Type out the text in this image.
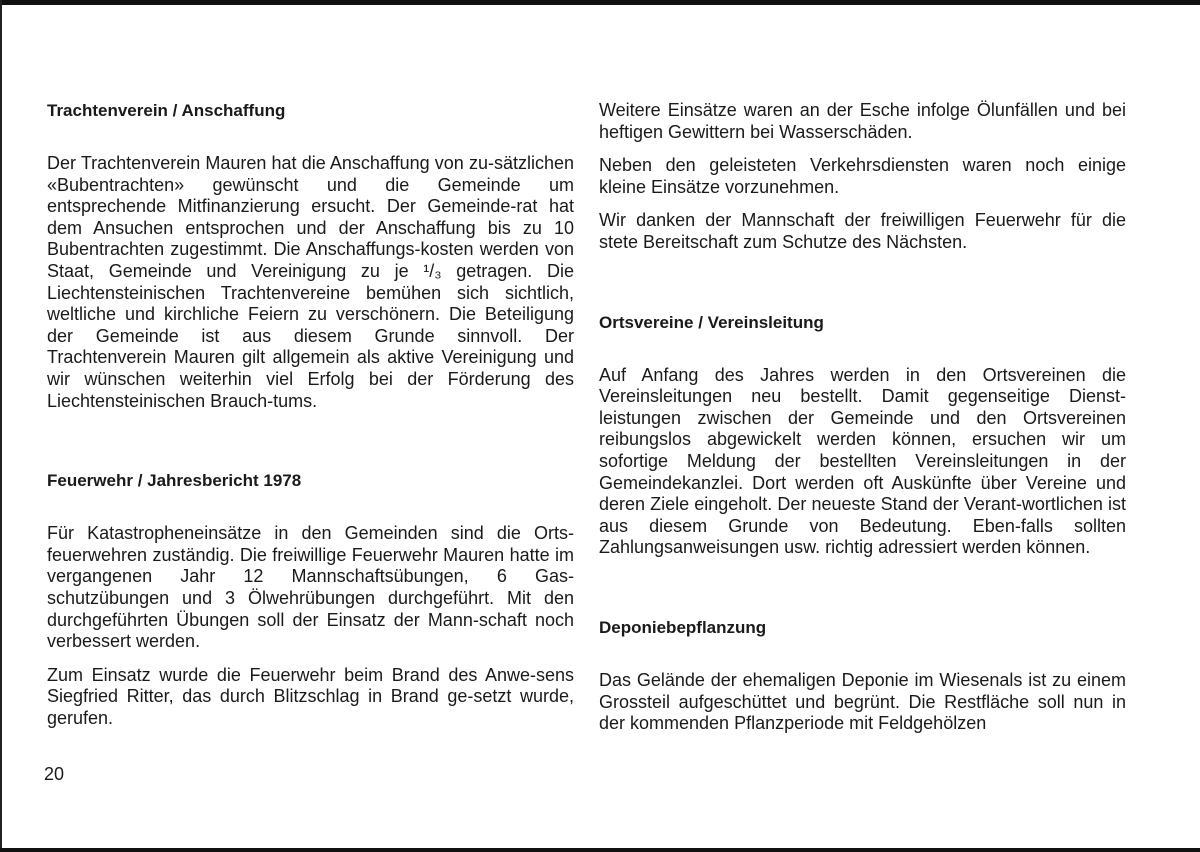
Trachtenverein / Anschaffung

Der Trachtenverein Mauren hat die Anschaffung von zu-sätzlichen «Bubentrachten» gewünscht und die Gemeinde um entsprechende Mitfinanzierung ersucht. Der Gemeinde-rat hat dem Ansuchen entsprochen und der Anschaffung bis zu 10 Bubentrachten zugestimmt. Die Anschaffungs-kosten werden von Staat, Gemeinde und Vereinigung zu je ¹/₃ getragen. Die Liechtensteinischen Trachtenvereine bemühen sich sichtlich, weltliche und kirchliche Feiern zu verschönern. Die Beteiligung der Gemeinde ist aus diesem Grunde sinnvoll. Der Trachtenverein Mauren gilt allgemein als aktive Vereinigung und wir wünschen weiterhin viel Erfolg bei der Förderung des Liechtensteinischen Brauch-tums.

Feuerwehr / Jahresbericht 1978

Für Katastropheneinsätze in den Gemeinden sind die Orts-feuerwehren zuständig. Die freiwillige Feuerwehr Mauren hatte im vergangenen Jahr 12 Mannschaftsübungen, 6 Gas-schutzübungen und 3 Ölwehrübungen durchgeführt. Mit den durchgeführten Übungen soll der Einsatz der Mann-schaft noch verbessert werden.

Zum Einsatz wurde die Feuerwehr beim Brand des Anwe-sens Siegfried Ritter, das durch Blitzschlag in Brand ge-setzt wurde, gerufen.

20

Weitere Einsätze waren an der Esche infolge Ölunfällen und bei heftigen Gewittern bei Wasserschäden.

Neben den geleisteten Verkehrsdiensten waren noch einige kleine Einsätze vorzunehmen.

Wir danken der Mannschaft der freiwilligen Feuerwehr für die stete Bereitschaft zum Schutze des Nächsten.

Ortsvereine / Vereinsleitung

Auf Anfang des Jahres werden in den Ortsvereinen die Vereinsleitungen neu bestellt. Damit gegenseitige Dienst-leistungen zwischen der Gemeinde und den Ortsvereinen reibungslos abgewickelt werden können, ersuchen wir um sofortige Meldung der bestellten Vereinsleitungen in der Gemeindekanzlei. Dort werden oft Auskünfte über Vereine und deren Ziele eingeholt. Der neueste Stand der Verant-wortlichen ist aus diesem Grunde von Bedeutung. Eben-falls sollten Zahlungsanweisungen usw. richtig adressiert werden können.

Deponiebepflanzung

Das Gelände der ehemaligen Deponie im Wiesenals ist zu einem Grossteil aufgeschüttet und begrünt. Die Restfläche soll nun in der kommenden Pflanzperiode mit Feldgehölzen
